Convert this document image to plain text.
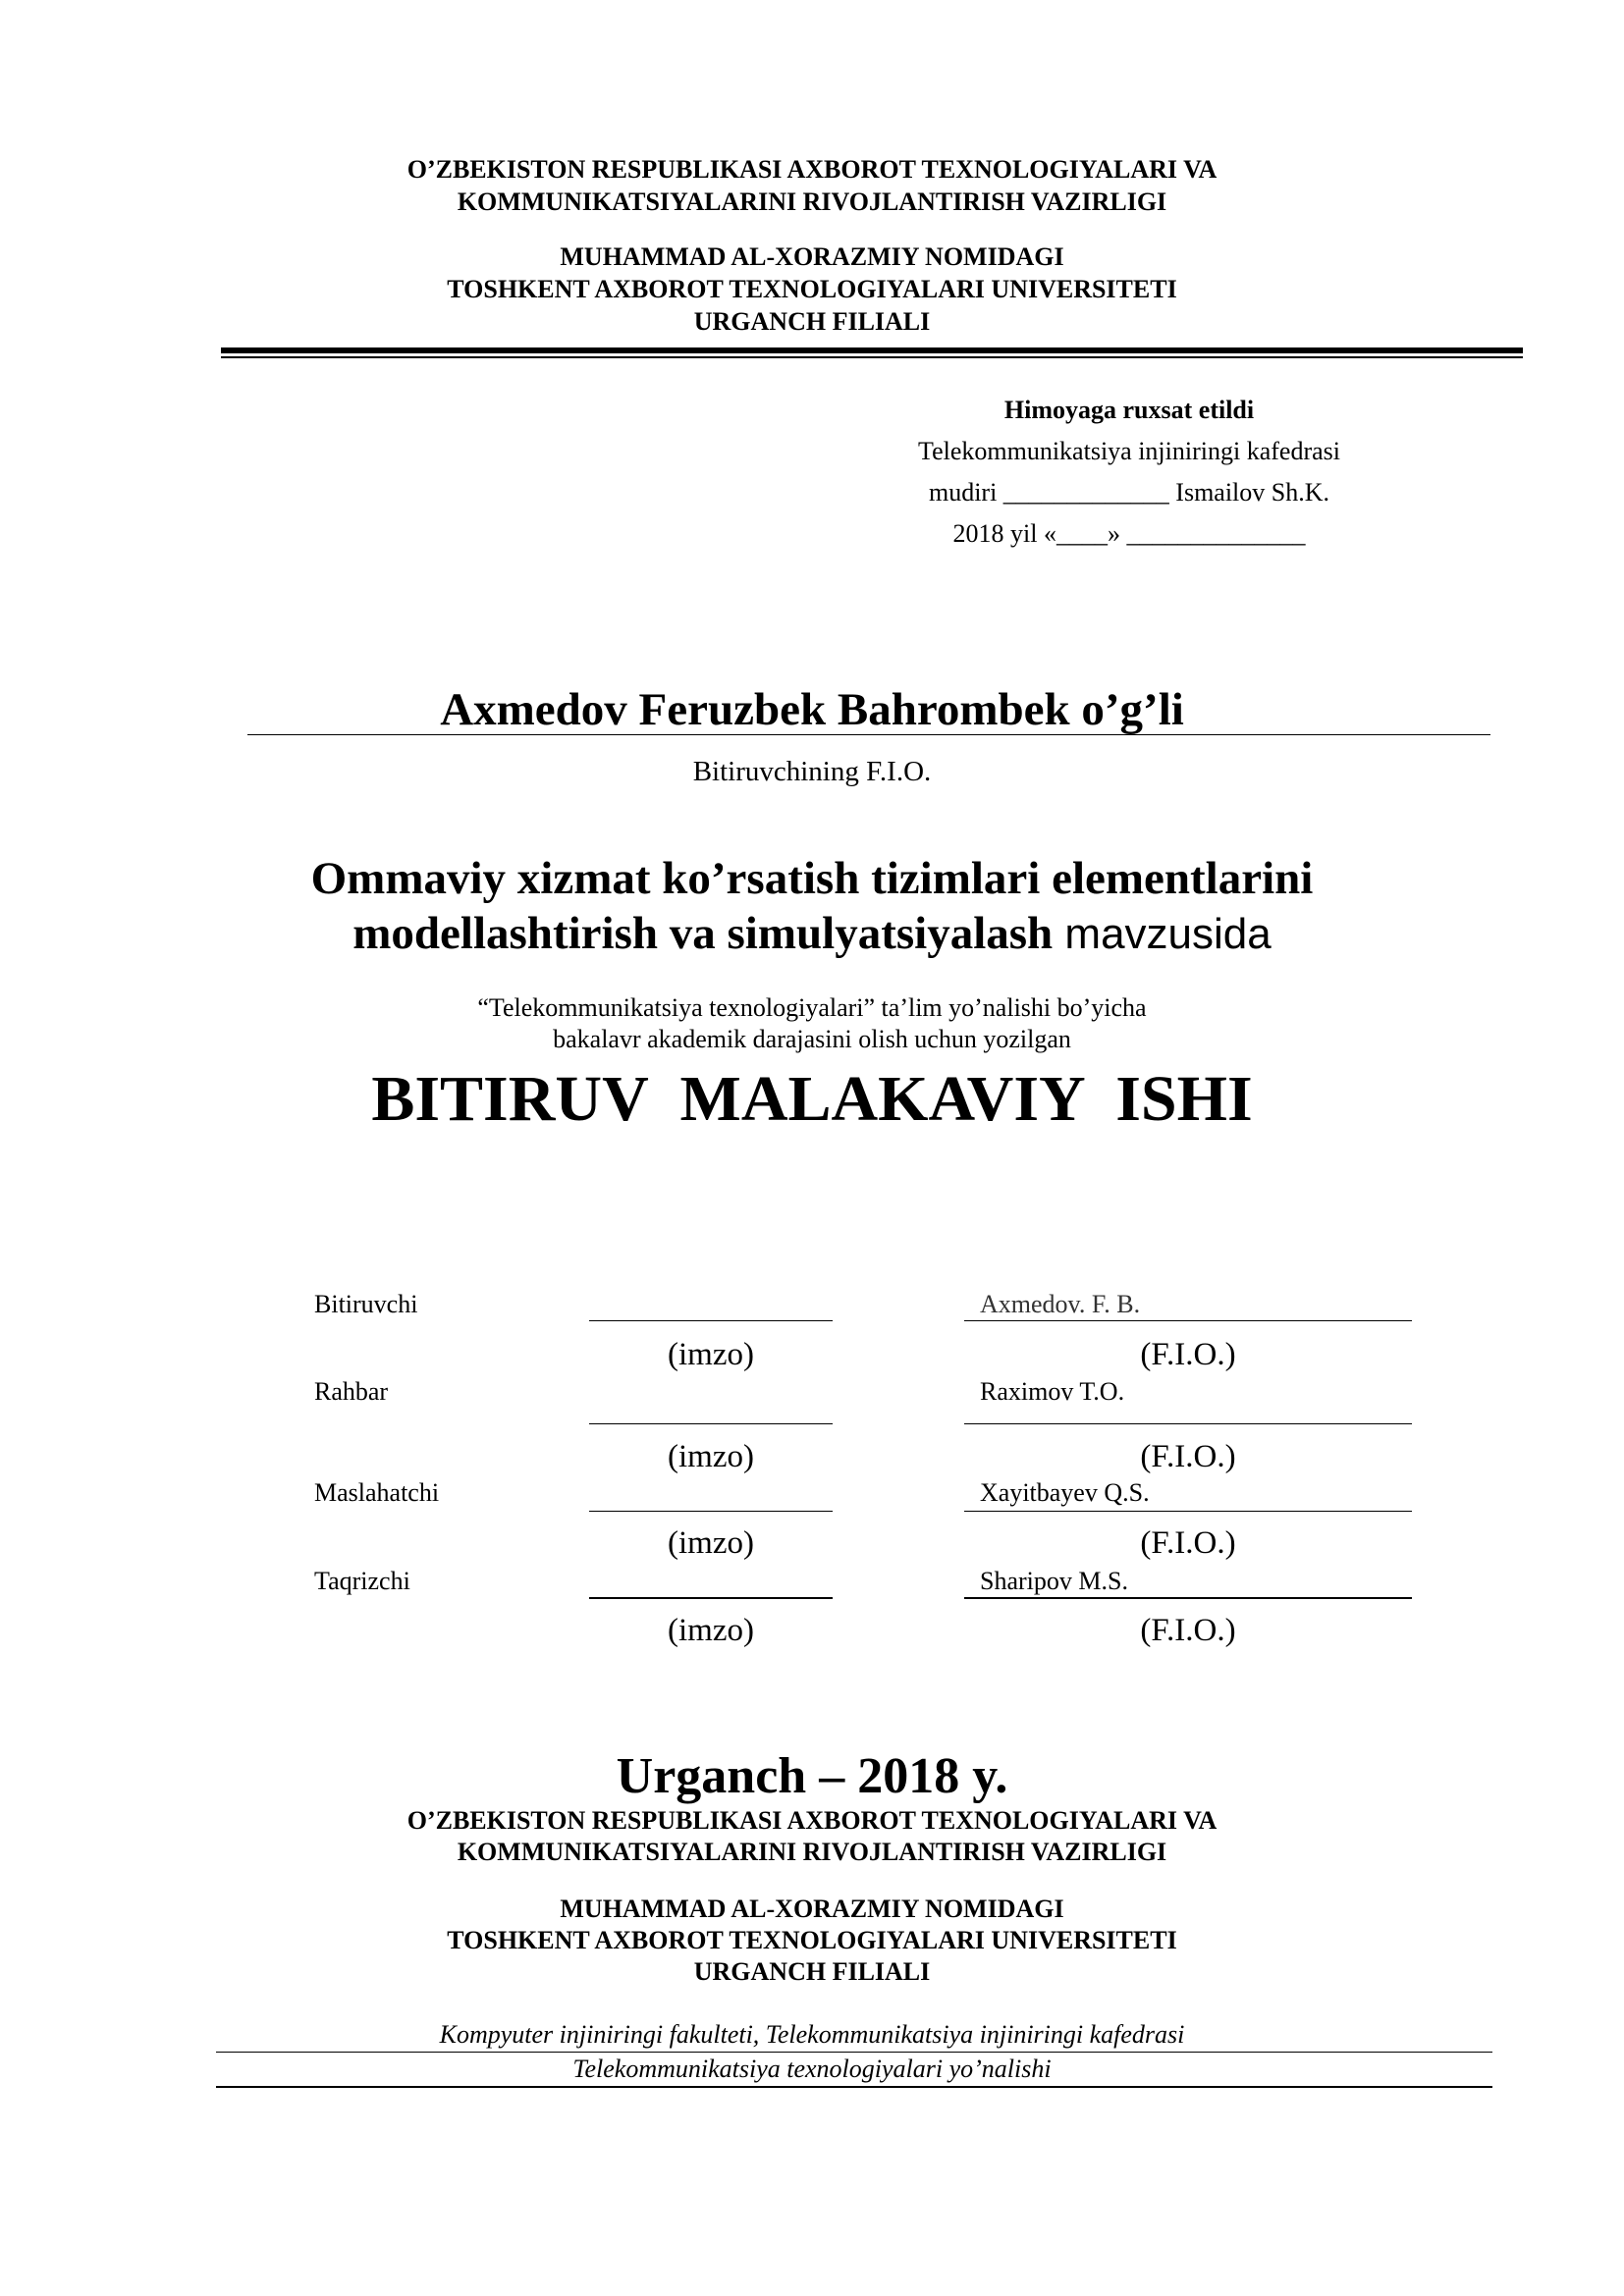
O’ZBEKISTON RESPUBLIKASI AXBOROT TEXNOLOGIYALARI VA
KOMMUNIKATSIYALARINI RIVOJLANTIRISH VAZIRLIGI
MUHAMMAD AL-XORAZMIY NOMIDAGI
TOSHKENT AXBOROT TEXNOLOGIYALARI UNIVERSITETI
URGANCH FILIALI
Himoyaga ruxsat etildi
Telekommunikatsiya injiniringi kafedrasi
mudiri _____________ Ismailov Sh.K.
2018 yil «____» ______________
Axmedov Feruzbek Bahrombek o’g’li
Bitiruvchining F.I.O.
Ommaviy xizmat ko’rsatish tizimlari elementlarini
modellashtirish va simulyatsiyalash mavzusida
“Telekommunikatsiya texnologiyalari” ta’lim yo’nalishi bo’yicha
bakalavr akademik darajasini olish uchun yozilgan
BITIRUV  MALAKAVIY  ISHI
Bitiruvchi	Axmedov. F. B.
(imzo)	(F.I.O.)
Rahbar	Raximov T.O.
(imzo)	(F.I.O.)
Maslahatchi	Xayitbayev Q.S.
(imzo)	(F.I.O.)
Taqrizchi	Sharipov M.S.
(imzo)	(F.I.O.)
Urganch – 2018 y.
O’ZBEKISTON RESPUBLIKASI AXBOROT TEXNOLOGIYALARI VA
KOMMUNIKATSIYALARINI RIVOJLANTIRISH VAZIRLIGI
MUHAMMAD AL-XORAZMIY NOMIDAGI
TOSHKENT AXBOROT TEXNOLOGIYALARI UNIVERSITETI
URGANCH FILIALI
Kompyuter injiniringi fakulteti, Telekommunikatsiya injiniringi kafedrasi
Telekommunikatsiya texnologiyalari yo’nalishi
